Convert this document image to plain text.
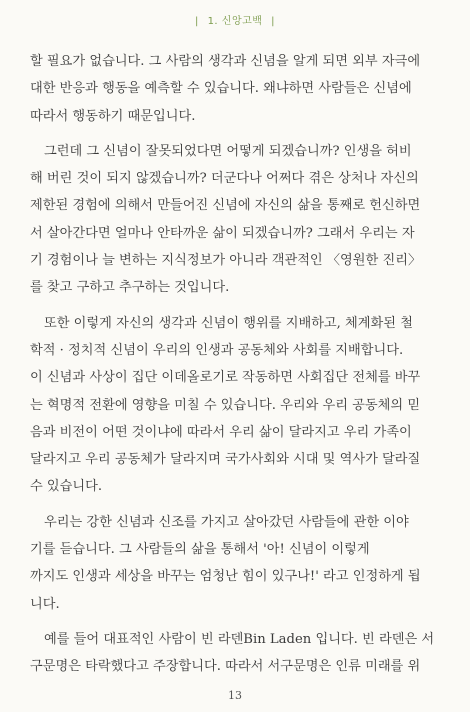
| 1. 신앙고백 |

할 필요가 없습니다. 그 사람의 생각과 신념을 알게 되면 외부 자극에
대한 반응과 행동을 예측할 수 있습니다. 왜냐하면 사람들은 신념에
따라서 행동하기 때문입니다.

그런데 그 신념이 잘못되었다면 어떻게 되겠습니까? 인생을 허비
해 버린 것이 되지 않겠습니까? 더군다나 어쩌다 겪은 상처나 자신의
제한된 경험에 의해서 만들어진 신념에 자신의 삶을 통째로 헌신하면
서 살아간다면 얼마나 안타까운 삶이 되겠습니까? 그래서 우리는 자
기 경험이나 늘 변하는 지식정보가 아니라 객관적인 〈영원한 진리〉
를 찾고 구하고 추구하는 것입니다.

또한 이렇게 자신의 생각과 신념이 행위를 지배하고, 체계화된 철
학적 · 정치적 신념이 우리의 인생과 공동체와 사회를 지배합니다.
이 신념과 사상이 집단 이데올로기로 작동하면 사회집단 전체를 바꾸
는 혁명적 전환에 영향을 미칠 수 있습니다. 우리와 우리 공동체의 믿
음과 비전이 어떤 것이냐에 따라서 우리 삶이 달라지고 우리 가족이
달라지고 우리 공동체가 달라지며 국가사회와 시대 및 역사가 달라질
수 있습니다.

우리는 강한 신념과 신조를 가지고 살아갔던 사람들에 관한 이야
기를 듣습니다. 그 사람들의 삶을 통해서 '아! 신념이 이렇게
까지도 인생과 세상을 바꾸는 엄청난 힘이 있구나!' 라고 인정하게 됩
니다.

예를 들어 대표적인 사람이 빈 라덴Bin Laden 입니다. 빈 라덴은 서
구문명은 타락했다고 주장합니다. 따라서 서구문명은 인류 미래를 위

13
